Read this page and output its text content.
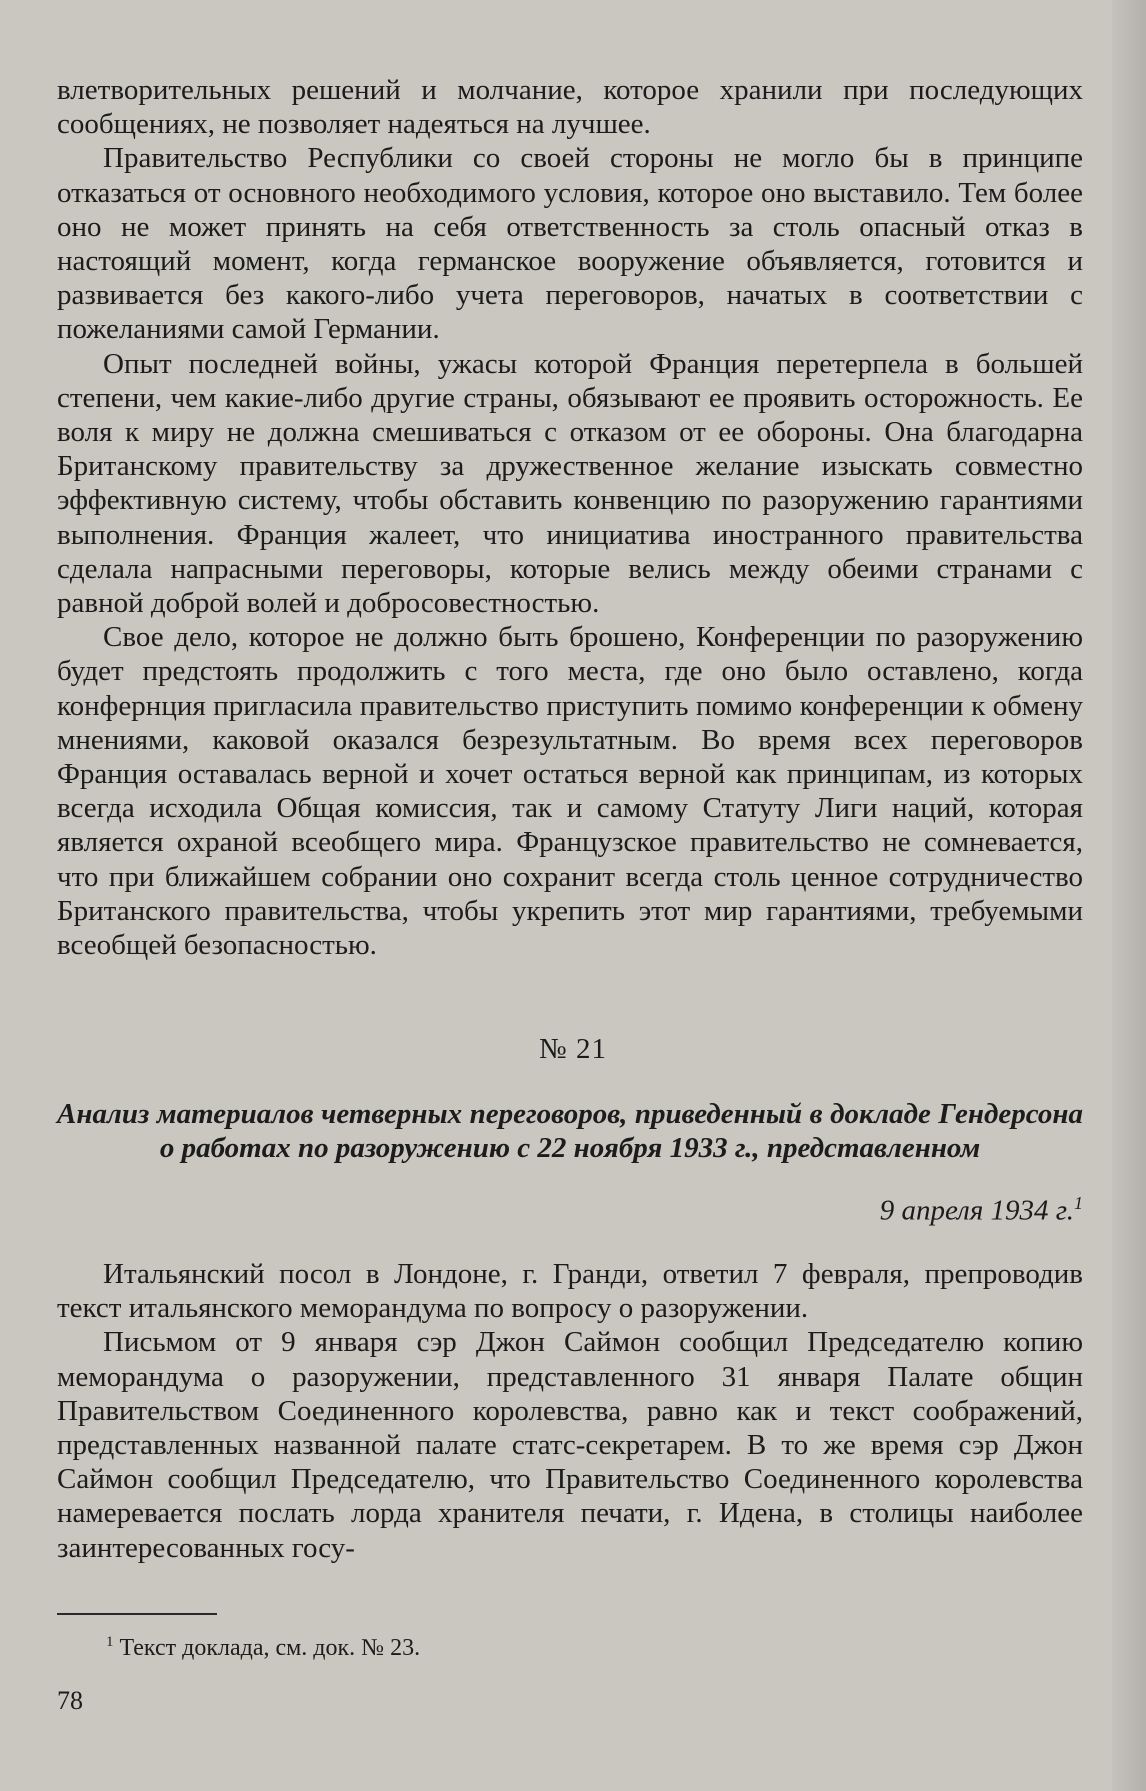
влетворительных решений и молчание, которое хранили при последующих сообщениях, не позволяет надеяться на лучшее.

Правительство Республики со своей стороны не могло бы в принципе отказаться от основного необходимого условия, которое оно выставило. Тем более оно не может принять на себя ответственность за столь опасный отказ в настоящий момент, когда германское вооружение объявляется, готовится и развивается без какого-либо учета переговоров, начатых в соответствии с пожеланиями самой Германии.

Опыт последней войны, ужасы которой Франция перетерпела в большей степени, чем какие-либо другие страны, обязывают ее проявить осторожность. Ее воля к миру не должна смешиваться с отказом от ее обороны. Она благодарна Британскому правительству за дружественное желание изыскать совместно эффективную систему, чтобы обставить конвенцию по разоружению гарантиями выполнения. Франция жалеет, что инициатива иностранного правительства сделала напрасными переговоры, которые велись между обеими странами с равной доброй волей и добросовестностью.

Свое дело, которое не должно быть брошено, Конференции по разоружению будет предстоять продолжить с того места, где оно было оставлено, когда конфернция пригласила правительство приступить помимо конференции к обмену мнениями, каковой оказался безрезультатным. Во время всех переговоров Франция оставалась верной и хочет остаться верной как принципам, из которых всегда исходила Общая комиссия, так и самому Статуту Лиги наций, которая является охраной всеобщего мира. Французское правительство не сомневается, что при ближайшем собрании оно сохранит всегда столь ценное сотрудничество Британского правительства, чтобы укрепить этот мир гарантиями, требуемыми всеобщей безопасностью.

№ 21
Анализ материалов четверных переговоров, приведенный в докладе Гендерсона о работах по разоружению с 22 ноября 1933 г., представленном
9 апреля 1934 г.$^1$

Итальянский посол в Лондоне, г. Гранди, ответил 7 февраля, препроводив текст итальянского меморандума по вопросу о разоружении.

Письмом от 9 января сэр Джон Саймон сообщил Председателю копию меморандума о разоружении, представленного 31 января Палате общин Правительством Соединенного королевства, равно как и текст соображений, представленных названной палате статс-секретарем. В то же время сэр Джон Саймон сообщил Председателю, что Правительство Соединенного королевства намеревается послать лорда хранителя печати, г. Идена, в столицы наиболее заинтересованных госу-

$^1$ Текст доклада, см. док. № 23.
78
